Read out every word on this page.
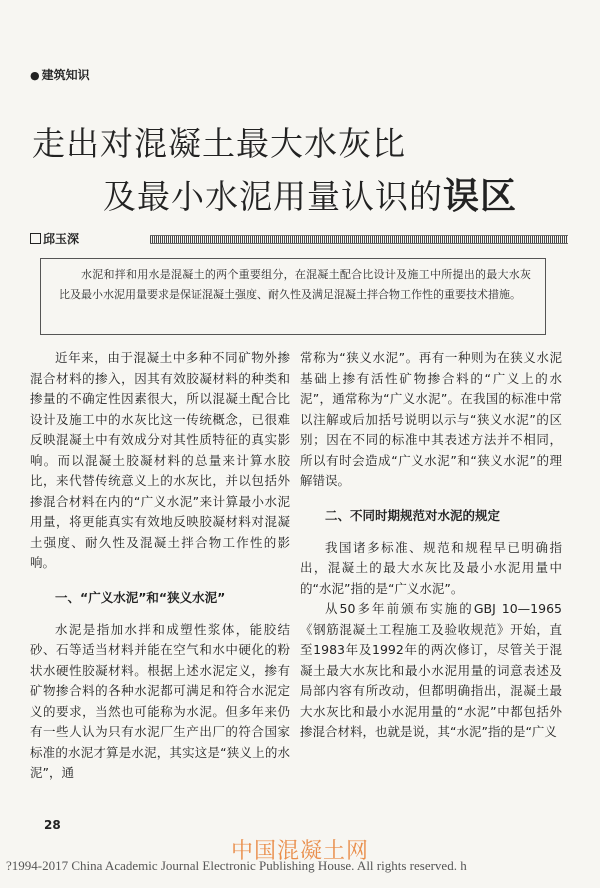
● 建筑知识
走出对混凝土最大水灰比
及最小水泥用量认识的误区
邱玉深
水泥和拌和用水是混凝土的两个重要组分，在混凝土配合比设计及施工中所提出的最大水灰比及最小水泥用量要求是保证混凝土强度、耐久性及满足混凝土拌合物工作性的重要技术措施。

近年来，由于混凝土中多种不同矿物外掺混合材料的掺入，因其有效胶凝材料的种类和掺量的不确定性因素很大，所以混凝土配合比设计及施工中的水灰比这一传统概念，已很难反映混凝土中有效成分对其性质特征的真实影响。而以混凝土胶凝材料的总量来计算水胶比，来代替传统意义上的水灰比，并以包括外掺混合材料在内的“广义水泥”来计算最小水泥用量，将更能真实有效地反映胶凝材料对混凝土强度、耐久性及混凝土拌合物工作性的影响。

一、“广义水泥”和“狭义水泥”

水泥是指加水拌和成塑性浆体，能胶结砂、石等适当材料并能在空气和水中硬化的粉状水硬性胶凝材料。根据上述水泥定义，掺有矿物掺合料的各种水泥都可满足和符合水泥定义的要求，当然也可能称为水泥。但多年来仍有一些人认为只有水泥厂生产出厂的符合国家标准的水泥才算是水泥，其实这是“狭义上的水泥”，通

常称为“狭义水泥”。再有一种则为在狭义水泥基础上掺有活性矿物掺合料的“广义上的水泥”，通常称为“广义水泥”。在我国的标准中常以注解或后加括号说明以示与“狭义水泥”的区别；因在不同的标准中其表述方法并不相同，所以有时会造成“广义水泥”和“狭义水泥”的理解错误。

二、不同时期规范对水泥的规定

我国诸多标准、规范和规程早已明确指出，混凝土的最大水灰比及最小水泥用量中的“水泥”指的是“广义水泥”。

从50多年前颁布实施的GBJ 10—1965《钢筋混凝土工程施工及验收规范》开始，直至1983年及1992年的两次修订，尽管关于混凝土最大水灰比和最小水泥用量的词意表述及局部内容有所改动，但都明确指出，混凝土最大水灰比和最小水泥用量的“水泥”中都包括外掺混合材料，也就是说，其“水泥”指的是“广义

28
中国混凝土网
?1994-2017 China Academic Journal Electronic Publishing House. All rights reserved. h
